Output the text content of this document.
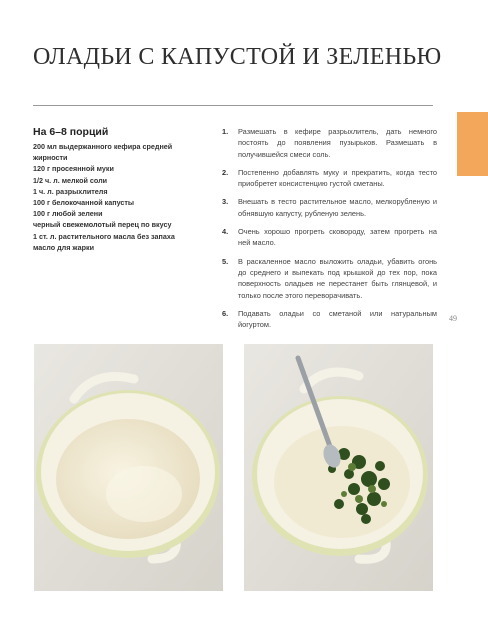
ОЛАДЬИ С КАПУСТОЙ И ЗЕЛЕНЬЮ
49

На 6–8 порций

200 мл выдержанного кефира средней жирности
120 г просеянной муки
1/2 ч. л. мелкой соли
1 ч. л. разрыхлителя
100 г белокочанной капусты
100 г любой зелени
черный свежемолотый перец по вкусу
1 ст. л. растительного масла без запаха
масло для жарки
1.	Размешать в кефире разрыхлитель, дать немного постоять до появления пузырьков. Размешать в получившейся смеси соль.
2.	Постепенно добавлять муку и прекратить, когда тесто приобретет консистенцию густой сметаны.
3.	Внешать в тесто растительное масло, мелкорубленую и обнявшую капусту, рубленую зелень.
4.	Очень хорошо прогреть сковороду, затем прогреть на ней масло.
5.	В раскаленное масло выложить оладьи, убавить огонь до среднего и выпекать под крышкой до тех пор, пока поверхность оладьев не перестанет быть глянцевой, и только после этого переворачивать.
6.	Подавать оладьи со сметаной или натуральным йогуртом.
